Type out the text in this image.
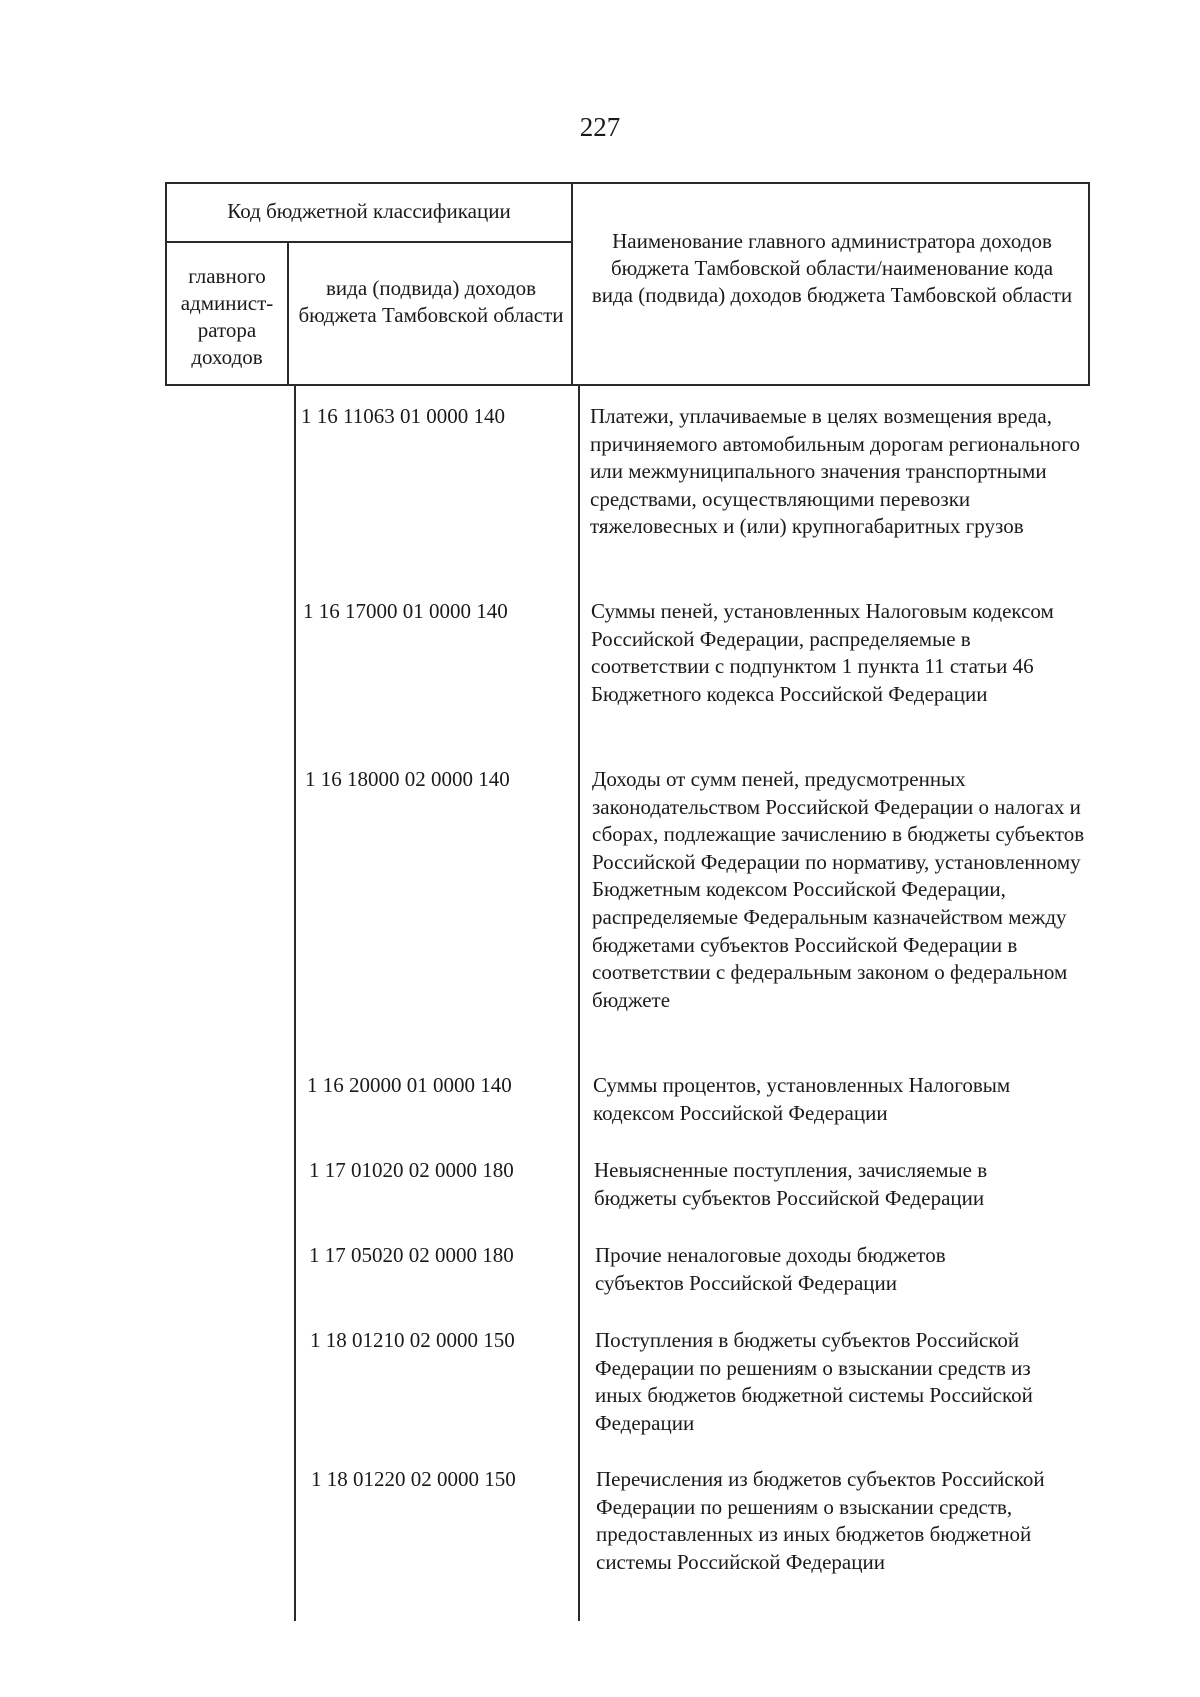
227
Код бюджетной классификации
главного админист-ратора доходов
вида (подвида) доходов бюджета Тамбовской области
Наименование главного администратора доходов бюджета Тамбовской области/наименование кода вида (подвида) доходов бюджета Тамбовской области
1 16 11063 01 0000 140	Платежи, уплачиваемые в целях возмещения вреда, причиняемого автомобильным дорогам регионального или межмуниципального значения транспортными средствами, осуществляющими перевозки тяжеловесных и (или) крупногабаритных грузов
1 16 17000 01 0000 140	Суммы пеней, установленных Налоговым кодексом Российской Федерации, распределяемые в соответствии с подпунктом 1 пункта 11 статьи 46 Бюджетного кодекса Российской Федерации
1 16 18000 02 0000 140	Доходы от сумм пеней, предусмотренных законодательством Российской Федерации о налогах и сборах, подлежащие зачислению в бюджеты субъектов Российской Федерации по нормативу, установленному Бюджетным кодексом Российской Федерации, распределяемые Федеральным казначейством между бюджетами субъектов Российской Федерации в соответствии с федеральным законом о федеральном бюджете
1 16 20000 01 0000 140	Суммы процентов, установленных Налоговым кодексом Российской Федерации
1 17 01020 02 0000 180	Невыясненные поступления, зачисляемые в бюджеты субъектов Российской Федерации
1 17 05020 02 0000 180	Прочие неналоговые доходы бюджетов субъектов Российской Федерации
1 18 01210 02 0000 150	Поступления в бюджеты субъектов Российской Федерации по решениям о взыскании средств из иных бюджетов бюджетной системы Российской Федерации
1 18 01220 02 0000 150	Перечисления из бюджетов субъектов Российской Федерации по решениям о взыскании средств, предоставленных из иных бюджетов бюджетной системы Российской Федерации
